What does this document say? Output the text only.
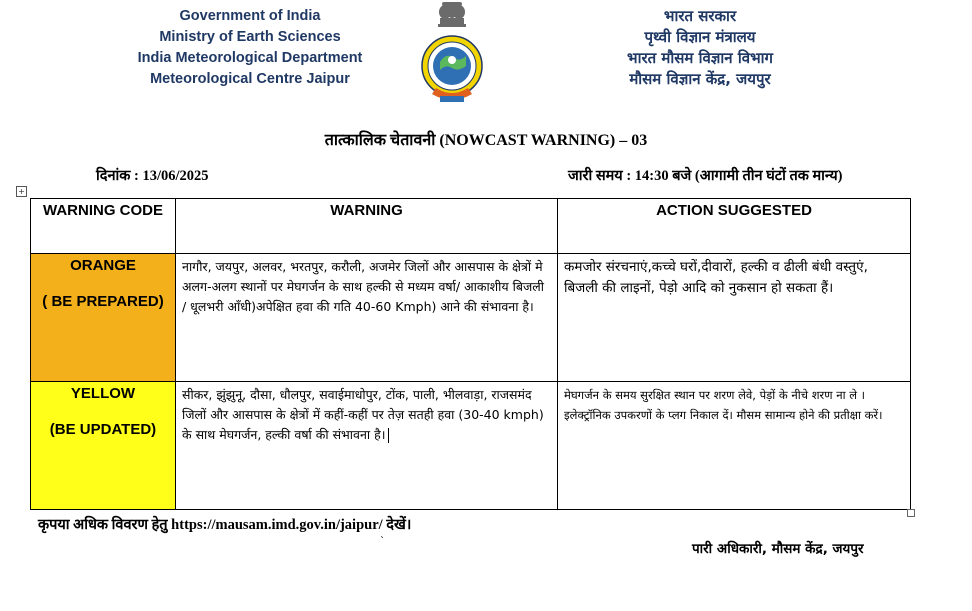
Government of India
Ministry of Earth Sciences
India Meteorological Department
Meteorological Centre Jaipur
भारत सरकार
पृथ्वी विज्ञान मंत्रालय
भारत मौसम विज्ञान विभाग
मौसम विज्ञान केंद्र, जयपुर
तात्कालिक चेतावनी (NOWCAST WARNING) – 03
दिनांक : 13/06/2025	जारी समय : 14:30 बजे (आगामी तीन घंटों तक मान्य)
+
WARNING CODE	WARNING	ACTION SUGGESTED

ORANGE
( BE PREPARED)	नागौर, जयपुर, अलवर, भरतपुर, करौली, अजमेर जिलों और आसपास के क्षेत्रों मे अलग-अलग स्थानों पर मेघगर्जन के साथ हल्की से मध्यम वर्षा/ आकाशीय बिजली / धूलभरी आँधी)अपेक्षित हवा की गति 40-60 Kmph) आने की संभावना है।	कमजोर संरचनाएं,कच्चे घरों,दीवारों, हल्की व ढीली बंधी वस्तुएं, बिजली की लाइनों, पेड़ो आदि को नुकसान हो सकता हैं।

YELLOW
(BE UPDATED)	सीकर, झुंझुनू, दौसा, धौलपुर, सवाईमाधोपुर, टोंक, पाली, भीलवाड़ा, राजसमंद जिलों और आसपास के क्षेत्रों में कहीं-कहीं पर तेज़ सतही हवा (30-40 kmph) के साथ मेघगर्जन, हल्की वर्षा की संभावना है।	मेघगर्जन के समय सुरक्षित स्थान पर शरण लेवे, पेड़ों के नीचे शरण ना ले । इलेक्ट्रॉनिक उपकरणों के प्लग निकाल दें। मौसम सामान्य होने की प्रतीक्षा करें।
कृपया अधिक विवरण हेतु https://mausam.imd.gov.in/jaipur/ देखें।
`	पारी अधिकारी, मौसम केंद्र, जयपुर
